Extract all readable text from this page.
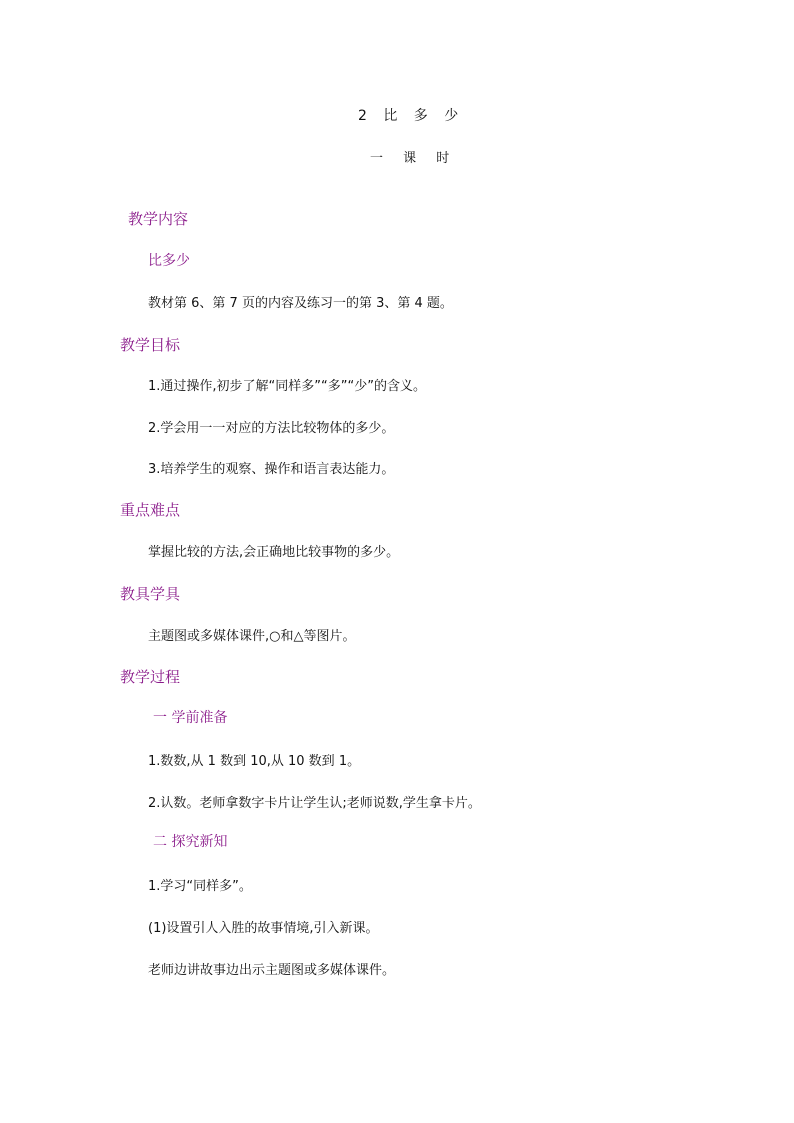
2 比 多 少
一 课 时
教学内容
比多少
教材第 6、第 7 页的内容及练习一的第 3、第 4 题。
教学目标
1.通过操作,初步了解“同样多”“多”“少”的含义。
2.学会用一一对应的方法比较物体的多少。
3.培养学生的观察、操作和语言表达能力。
重点难点
掌握比较的方法,会正确地比较事物的多少。
教具学具
主题图或多媒体课件,○和△等图片。
教学过程
一 学前准备
1.数数,从 1 数到 10,从 10 数到 1。
2.认数。老师拿数字卡片让学生认;老师说数,学生拿卡片。
二 探究新知
1.学习“同样多”。
(1)设置引人入胜的故事情境,引入新课。
老师边讲故事边出示主题图或多媒体课件。
